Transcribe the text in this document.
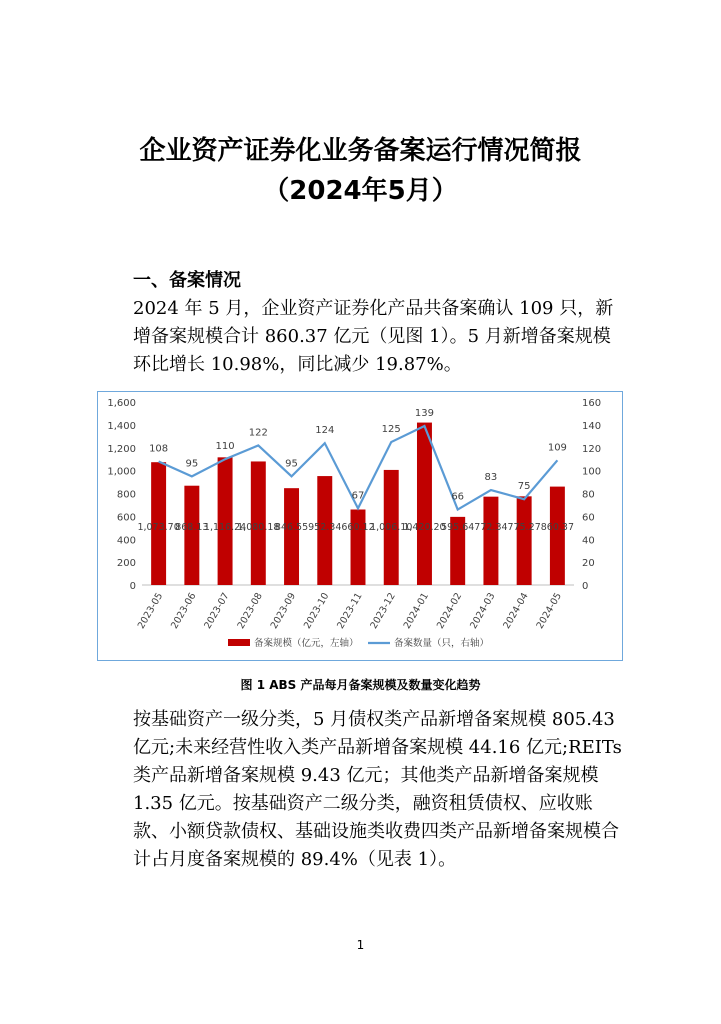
企业资产证券化业务备案运行情况简报
（2024年5月）
一、备案情况
2024 年 5 月，企业资产证券化产品共备案确认 109 只，新增备案规模合计 860.37 亿元（见图 1）。5 月新增备案规模环比增长 10.98%，同比减少 19.87%。
0
200
400
600
800
1,000
1,200
1,400
1,600
0
20
40
60
80
100
120
140
160
1,073.70
868.13
1,116.24
1,080.18
846.55 952.34 660.12
1,006.10
1,420.20
595.64 772.34 775.27 860.37
108
95
110
122
95
124
67
125
139
66
83
75
109
2023-05 2023-06 2023-07 2023-08 2023-09 2023-10 2023-11 2023-12 2024-01 2024-02 2024-03 2024-04 2024-05
备案规模（亿元，左轴）	备案数量（只，右轴）
图 1 ABS 产品每月备案规模及数量变化趋势
按基础资产一级分类，5 月债权类产品新增备案规模 805.43 亿元;未来经营性收入类产品新增备案规模 44.16 亿元;REITs 类产品新增备案规模 9.43 亿元；其他类产品新增备案规模 1.35 亿元。按基础资产二级分类，融资租赁债权、应收账款、小额贷款债权、基础设施类收费四类产品新增备案规模合计占月度备案规模的 89.4%（见表 1）。
1
